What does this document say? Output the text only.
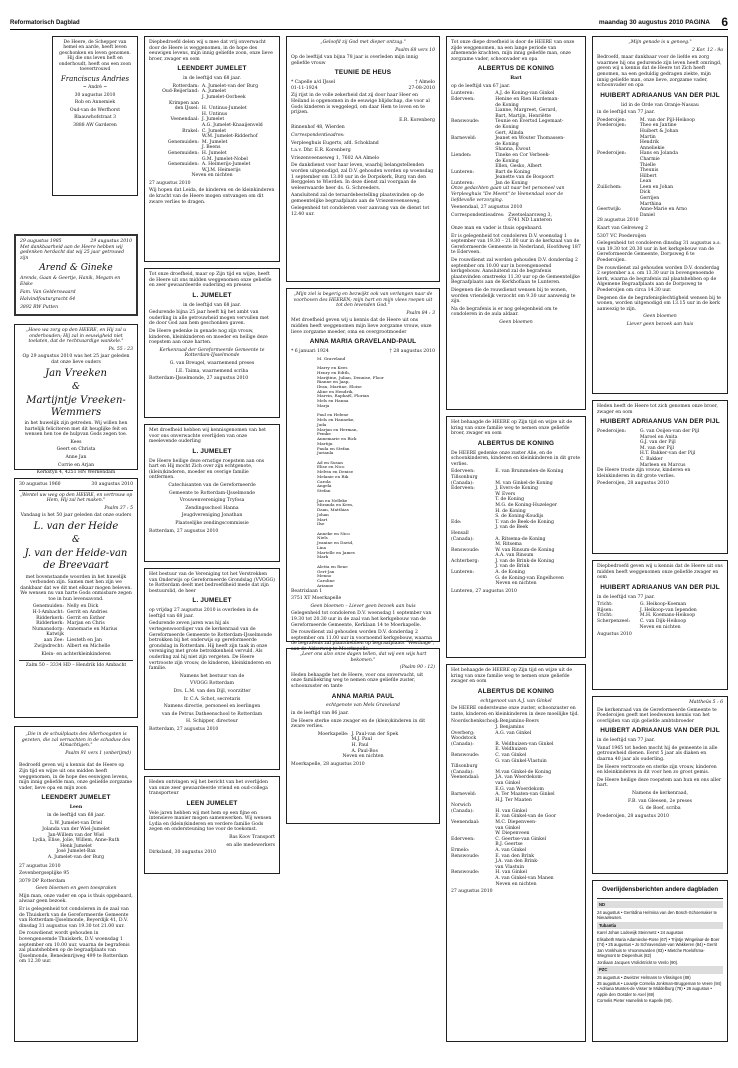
Reformatorisch Dagblad	maandag 30 augustus 2010 PAGINA 6

De Heere, de Schepper van hemel en aarde, heeft leven geschonken en leven genomen. Hij die ons leven heft en onderhoudt, heeft ons een zoon toevertrouwd

Franciscus Andries

~ Andrè ~

30 augustus 2010

Rob en Annemiek

Oud-van de Werfhorst

Blaauwhofstraat 3

3888 AW Garderen

29 augustus 1985	29 augustus 2010

Met dankbaarheid aan de Heere hebben wij gedenken herdacht dat wij 25 jaar getrouwd zijn

Arend & Gineke

Arends, Gaan & Geertje, Hanik, Megam en Elske

Fam. Van Gelderswaard

Halvindfouturgracht 64

3892 RW Putten

„Hoeo wa zorg op den HEERE, en Hij zal u onderhouden; Hij zal in eeuwigheid niet toelaten, dat de rechtvaardige wankele."

Ps. 55 : 23

Op 29 augustus 2010 was het 25 jaar geleden dat onze lieve ouders

Jan Vreeken

&

Martijntje Vreeken-Wemmers

in het huwelijk zijn getreden. Wij willen hen hartelijk feliciteren met dit heuglijke feit en wensen hen toe de hulpvan Gods zegen toe.

Kees

Geert en Christa

Anne Jan

Corrie en Arjan

Kerkstyn 4, 4251 HN Werkendam

30 augustus 1960	30 augustus 2010

„Wentel uw weg op den HEERE, en vertrouw op Hem, Hij zal het maken."

Psalm 37 : 5

Vandaag is het 50 jaar geleden dat onze ouders

L. van der Heide

&

J. van der Heide-van de Breevaart

met bovenstaande woorden in het huwelijk verbonden zijn. Samen met hen zijn we dankbaar dat we dit met elkaar mogen beleven. We wensen nu van harte Gods onmisbare zegen toe in hun levensavond.

Genemuiden: Nelly en Dick
H-I-Ambacht: Gerrit en Andries
Ridderkerk: Gerrit en Esther
Ridderkerk: Marjan en Chris
Numansdorp: Annemarie en Marius
Katwijk
aan Zee: Liesteth en Jan
Zwijndrecht: Albert en Michelle

Klein- en achterkleinkinderen

Zalm 50 – 3334 HD – Hendrik Ido Ambacht

„Die in de schuilplaats des Allerhoogsten is gezeten, die zal vernachten in de schaduw des Almachtigen."

Psalm 91 vers 1 (onberijmd)

Bedroefd geven wij u kennis dat de Heere op Zijn tijd en wijze uit ons midden heeft weggenomen, in de hope des eeuwigen levens, mijn innig geliefde man, onze geliefde zorgzame vader, lieve opa en mijn zoon

LEENDERT JUMELET

Leen

in de leeftijd van 68 jaar.

L.W. Jumelet-van Driel

Jolanda van der Wiel-Jumelet

Jan-Willem van der Wiel

Lydia, Elise, Jolie, Willem, Anne-Ruth

Henk Jumelet

José Jumelet-Bax

A. Jumelet-van der Burg

27 augustus 2010

Zevenbergseplijke 95

3079 DP Rotterdam

Geen bloemen en geen toespraken

Mijn man, onze vader en opa is thuis opgebaard, alwaar geen bezoek.

Er is gelegenheid tot condoleren in de zaal van de Thuiskerk van de Gereformeerde Gemeente van Rotterdam-IJsselmonde, Beyerdijk 41, D.V. dinsdag 31 augustus van 19.30 tot 21.00 uur.

De rouwdienst wordt gehouden in bovengenoemde Thuiskerk, D.V. woensdag 1 september om 10.00 uur, waarna de begrafenis zal plaatshebben op de begraafplaats van IJsselmonde, Benedenrijweg 499 te Rotterdam om 12.30 uur.

Diepbedroefd delen wij u mee dat vrij onverwacht door de Heere is weggenomen, in de hope des eeuwigen levens, mijn innig geliefde zoon, onze lieve broer, zwager en oom

LEENDERT JUMELET

in de leeftijd van 68 jaar.

Rotterdam: A. Jumelet-van der Burg
Oud-Beijerland: A. Jumelet
J. Jumelet-Oorbeek
Krimpen aan
den IJssel: H. Untinus-Jumelet
H. Untinus
Veenendaal: J. Jumelet
A.G. Jumelet-Knaaijenveld
Brakel: C. Jumelet
W.M. Jumelet-Ridderhof
Genemuiden: M. Jumelet
J. Beens
Genemuiden: H. Jumelet
G.M. Jumelet-Nobel
Genemuiden: A. Heimerijs-Jumelet
W.J.M. Heimerijs

Neven en nichten

27 augustus 2010

Wij hopen dat Leida, de kinderen en de kleinkinderen de kracht van de Heere mogen ontvangen om dit zware verlies te dragen.

Tot onze droefheid, maar op Zijn tijd en wijze, heeft de Heere uit ons midden weggenomen onze geliefde en zeer gewaardeerde ouderling en presess

L. JUMELET

in de leeftijd van 68 jaar.

Gedurende bijna 25 jaar heeft hij het ambt van ouderling in alle getrouwheid mogen vervullen met de door God aan hem geschonken gaven.

De Heere gedenke in genade nog zijn vrouw, kinderen, kleinkinderen en moeder en heilige deze roepstem aan onze harten.

Kerkenraad der Gereformeerde Gemeente te Rotterdam-IJsselmonde

G. van Breugel, waarnemend preses

I.E. Taima, waarnemend scriba

Rotterdam-IJsselmonde, 27 augustus 2010

Met droefheid hebben wij kennisgenomen van het voor ons onverwachte overlijden van onze meelevende ouderling

L. JUMELET

De Heere heilige deze ernstige roepstem aan ons hart en Hij mocht Zich over zijn echtgenote, (klein)kinderen, moeder en overige familie ontfermen.

Catechisanten van de Gereformeerde

Gemeente te Rotterdam-IJsselmonde

Vrouwenvereniging Tryfosa

Zendingsschool Hanna

Jeugdvereniging Jonathan

Plaatselijke zendingscommissie

Rotterdam, 27 augustus 2010

Het bestuur van de Vereniging tot het Verstrekken van Onderwijs op Gereformeerde Grondslag (VVOGG) te Rotterdam deelt met bedroefdheid mede dat zijn bestuurslid, de heer

L. JUMELET

op vrijdag 27 augustus 2010 is overleden in de leeftijd van 68 jaar.

Gedurende zeven jaren was hij als vertegenwoordiger van de kerkenraad van de Gereformeerde Gemeente te Rotterdam-IJsselmonde betrokken bij het onderwijs op gereformeerde grondslag in Rotterdam. Hij heeft zijn taak in onze vereniging met grote betrokkenheid vervuld. Als ouderling zal hij niet zijn vergeten. De Heere vertrooste zijn vrouw, de kinderen, kleinkinderen en familie.

Namens het bestuur van de

VVOGG Rotterdam

Drs. L.M. van den Dijl, voorzitter

Ir. C.A. Schot, secretaris

Namens directie, personeel en leerlingen

van de Petrus Datheenschool te Rotterdam

H. Schipper, directeur

Rotterdam, 27 augustus 2010

Heden ontvingen wij het bericht van het overlijden van onze zeer gewaardeerde vriend en oud-collega transporteur

LEEN JUMELET

Vele jaren hebben wij met hem op een fijne en intensieve manier mogen samenwerken. Wij wensen Lydia en (klein)kinderen en verdere familie Gods zegen en ondersteuning toe voor de toekomst.

Bas Koov Transport

en alle medewerkers

Dirksland, 30 augustus 2010

„Geloofd zij God met dieper ontzag."

Psalm 68 vers 10

Op de leeftijd van bijna 78 jaar is overleden mijn innig geliefde vrouw

TEUNIE DE HEUS

* Capelle a/d IJssel	† Almelo
01-11-1924	27-08-2010

Zij rijst in de volle zekerheid dat zij door haar Heer en Heiland is opgenomen in de eeuwige blijdschap, die voor al Gods kinderen is weggelegd, om daar Hem te loven en te prijzen.

E.R. Korenberg

Binnenhof 48, Wierden

Correspondentieadres:

Verpleeghuis Eugerts, afd. Schokland

t.a.v. Dhr. E.R. Korenberg

Vriezenveenseweg 1, 7602 AA Almelo

De dankdienst voor haar leven, waarbij belangstellenden worden uitgenodigd, zal D.V. gehouden worden op woensdag 1 september om 13.00 uur in de Dorpskerk, Burg van den Berggelen te Wierden. In deze dienst zal voorgaan de weleerwaarde heer ds. G. Schreeders.

Aansluitend zal de teraardebestelling plaatsvinden op de gemeentelijke begraafplaats aan de Vriezenveenseweg.

Gelegenheid tot condoleren voor aanvang van de dienst tot 12.40 uur.

„Mijn ziel is begerig en bezwijkt ook van verlangen naar de voorhoven des HEEREN; mijn hart en mijn vlees roepen uit tot den levenden God."

Psalm 84 : 3

Met droefheid geven wij u kennis dat de Heere uit ons midden heeft weggenomen mijn lieve zorgzame vrouw, onze lieve zorgzame moeder, oma en overgrootmoeder

ANNA MARIA GRAVELAND-PAUL

* 6 januari 1924	† 28 augustus 2010

M. Graveland

Marry en Kees

Henry en Edith,

Marijtine, Julian, Dennise, Floor

Rianne en Jaap,

Ilvan, Martine, Eloise

Aline en Hendrik,

Marvin, Raphaël, Florian

Mels en Hanna

Marja

Paul en Helene

Mels en Hanneke,

Juda

Marjan en Herman,

Femke

Annemarie en Rick

Martijn

Paula en Stefan

Jurianla

Ad en Susan

Elise en Nico

Melvin en Denise

Melanie en Rik

Carola

Angela

Stefan

Jan en Nelleke

Miranda en Kees,

Daan, Matthias

Johan

Mart

Ilse

Anneke en Nico

Niels

Jeanine en David,

Lina

Martelle en James

Mark

Aletta en Rene

Gert-Jan

Menno

Caroline

Arianne

Beatrixlaan 1

3751 XT Moerkapelle

Geen bloemen – Liever geen bezoek aan huis

Gelegenheid tot condoleren D.V. woensdag 1 september van 19.30 tot 20.30 uur in de zaal van het kerkgebouw van de Gereformeerde Gemeente, Kerklaan 14 te Moerkapelle.

De rouwdienst zal gehouden worden D.V. donderdag 2 september om 11.00 uur in voornoemd kerkgebouw, waarna de begrafenis zal plaatshebben op begraafplaats "Westhage", aan de Akkerweg te Moerkapelle.

„Leer ons alzo onze dagen tellen, dat wij een wijs hart bekomen."

(Psalm 90 : 12)

Heden behaagde het de Heere, voor ons onverwacht, uit onze familiekring weg te nemen onze geliefde zuster, schoonzuster en tante

ANNA MARIA PAUL

echtgenote van Mels Graveland

in de leeftijd van 86 jaar.

De Heere sterke onze zwager en de (klein)kinderen in dit zware verlies.

Moerkapelle: J. Paul-van der Spek
M.J. Paul
H. Paul
A. Paul-Bos

Neven en nichten

Moerkapelle, 28 augustus 2010

Tot onze diepe droefheid is door de HEERE van onze zijde weggenomen, na een lange periode van afnemende krachten, mijn innig geliefde man, onze zorgzame vader, schoonvader en opa

ALBERTUS DE KONING

Bart

op de leeftijd van 67 jaar.

Lunteren:	A.J. de Koning-van Ginkel
Ederveen:	Henine en Rien Hardeman-
de Koning
Lianne, Margreet, Gerard,
Bart, Martijn, Henriëtte
Renswoude:	Teunie en Evertsd Legemaat-
de Koning
Gert, Alinda
Barneveld:	Jeanet en Wouter Thomassen-
de Koning
Shanna, Ewout
Lienden:	Tineke en Cor Verbeek-
de Koning
Ellen, Gesko, Albert
Lunteren:	Bart de Koning
Jeanette van de Bospoort
Lunteren:	Jan de Koning

Onze gedachten gaan uit naar het personeel van Verpleeghuis "De Meent" te Veenendaal voor de liefdevolle verzorging.

Veenendaal, 27 augustus 2010

Correspondentieadres: Zwetselaarsweg 3,

6741 ND Lunteren

Onze man en vader is thuis opgebaard.

Er is gelegenheid tot condoleren D.V. woensdag 1 september van 19.30 – 21.00 uur in de kerkzaal van de Gereformeerde Gemeente in Nederland, Hoofdweg 187 te Ederveen.

De rouwdienst zal worden gehouden D.V. donderdag 2 september om 10.00 uur in bovengenoemd kerkgebouw. Aansluitend zal de begrafenis plaatsvinden omstreeks 11.30 uur op de Gemeentelijke Begraafplaats aan de Kerkhoflaan te Lunteren.

Diegenen die de rouwdienst wensen bij te wonen, worden vriendelijk verzocht om 9.30 uur aanwezig te zijn.

Na de begrafenis is er nog gelegenheid om te condoleren in de aula aldaar.

Geen bloemen

Het behaagde de HEERE op Zijn tijd en wijze uit de kring van onze familie weg te nemen onze geliefde broer, zwager en oom

ALBERTUS DE KONING

De HEERE gedenke onze zuster Alie, en de schoonkinderen, kinderen en kleinkinderen in dit grote verlies.

Ederveen:	E. van Brummelen-de Koning
Tillsonburg
(Canada):	M. van Ginkel-de Koning
Ederveen:	J. Evers-de Koning
W. Evers
T. de Koning
M.G. de Koning-Huzeleger
H. de Koning
S. de Koning-Koudijs
Ede:	T. van de Beek-de Koning
J. van de Beek
Hensall
(Canada):	A. Ritsema-de Koning
M. Ritsema
Renswoude:	W. van Rinsum-de Koning
A.A. van Rinsum
Achterberg:	J. van de Brink-de Koning
J. van de Brink
Lunteren:	A. de Koning
G. de Koning-van Engelhoven

Neven en nichten

Lunteren, 27 augustus 2010

Het behaagde de HEERE op Zijn tijd en wijze uit de kring van onze familie weg te nemen onze geliefde zwager en oom

ALBERTUS DE KONING

echtgenoot van A.J. van Ginkel

De HEERE ondersteune onze zuster, schoonzuster en tante, kinderen en kleinkinderen in deze moeilijke tijd.

Noordschenkschoot:
J. Benjamins-Boers
J. Benjamins
Overberg:	A.G. van Ginkel
Woodstock
(Canada):	R. Veldhuizen-van Ginkel
E. Veldhuizen
Renswoude:	C. van Ginkel
G. van Ginkel-Vlastuin
Tillsonburg
(Canada):	M.van Ginkel-de Koning
Veenendaal:	J.A. van Woerdekom-
van Ginkel
E.G. van Woerdekom
Barneveld:	A. Ter Maaten-van Ginkel
H.J. Ter Maaten
Norwich
(Canada):	H. van Ginkel
E. van Ginkel-van de Goor
Veenendaal:	M.C. Diepenveen-
van Ginkel
W. Diepenveen
Ederveen:	C. Geertse-van Ginkel
B.J. Geertse
Ermelo:	A. van Ginkel
Renswoude:	E. van den Brink
J.A. van den Brink-
van Vlastuin
Renswoude:	H. van Ginkel
A. van Ginkel-van Manen

Neven en nichten

27 augustus 2010

„Mijn genade is u genoeg."

2 Kor. 12 : 9a

Bedroefd, maar dankbaar voor de liefde en zorg waarmee hij ons gedurende zijn leven heeft omringd, geven wij u kennis dat de Heere tot Zich heeft genomen, na een geduldig gedragen ziekte, mijn innig geliefde man, onze lieve, zorgzame vader, schoonvader en opa

HUIBERT ADRIAANUS VAN DER PIJL

lid in de Orde van Oranje-Nassau

in de leeftijd van 77 jaar.

Poederoijen:	M. van der Pijl-Heikoop
Poederoijen:	Theo en Jantine
Huibert & Johan
Martin
Hendrik
Anneliekie
Poederoijen:	Hans en Jolanda
Charmie
Thielle
Theunis
Hilbert
Lean
Zuilichem:	Leen en Johan
Dick
Gerrijen
Marthina
Geertwijk:	Anne-Marie en Arno
Daniel

28 augustus 2010

Kaart van Gelreweg 2

5307 VC Poederoijen

Gelegenheid tot condoleren dinsdag 31 augustus a.s. van 19.30 tot 20.30 uur in het kerkgebouw van de Gereformeerde Gemeente, Dorpsweg 6 te Poederoijen.

De rouwdienst zal gehouden worden D.V. donderdag 2 september a.s. om 13.30 uur in bovengenoemde kerk, waarna de begrafenis zal plaatshebben op de Algemene Begraafplaats aan de Dorpsweg te Poederoijen om circa 14.30 uur.

Degenen die de begrafenisplechtigheid wensen bij te wonen, worden uitgenodigd om 13.15 uur in de kerk aanwezig te zijn.

Geen bloemen

Liever geen bezoek aan huis

Heden heeft de Heere tot zich genomen onze broer, zwager en oom

HUIBERT ADRIAANUS VAN DER PIJL

Poederoijen:	G. van Ooijen-van der Pijl
Maroel en Anita
G.J. van der Pijl
M. van der Pijl
H.T. Bakker-van der Pijl
C. Bakker
Marleen en Marcus

De Heere troste zijn vrouw, kinderen en kleinkinderen in dit grote verlies.

Poederoijen, 28 augustus 2010

Diepbedroefd geven wij u kennis dat de Heere uit ons midden heeft weggenomen onze geliefde zwager en oom

HUIBERT ADRIAANUS VAN DER PIJL

in de leeftijd van 77 jaar.

Tricht:	G. Heikoop-Koeman
Rijsen:	J. Heikoop-van Iependen
Tricht:	M.H. Koemans-Heikoop
Scherpenzeel:	C. van Dijk-Heikoop

Neven en nichten

Augustus 2010

Mattheüs 5 : 6

De kerkenraad van de Gereformeerde Gemeente te Poederoijen geeft met leedwezen kennis van het overlijden van zijn geliefde ambtsbroeder

HUIBERT ADRIAANUS VAN DER PIJL

in de leeftijd van 77 jaar.

Vanaf 1965 tot heden mocht hij de gemeente in alle getrouwheid dienen. Eerst 5 jaar als diaken en daarna 40 jaar als ouderling.

De Heere vertrooste en sterke zijn vrouw, kinderen en kleinkinderen in dit voor hen zo groot gemis.

De Heere heilige deze roepstem aan hun en ons aller hart.

Namens de kerkenraad,

F.B. van Gleesen, 2e preses

G. de Boef, scriba

Poederoijen, 28 augustus 2010

Overlijdensberichten andere dagbladen

ND

24 augustus • Gerritdina Helmina van den Bosch-Schoemaker te Nieuwleusen.

Tubantia

Karel Johan Lodewijk Steinmetz • 24 augustus

Elisabeth Maria Adamiecke-Rose (67) • Trijntje Wingelaar-de Boer (74) • 25 augustus • Jo Schravendam-van Wakkeren (84) • Gerrit Jan Vonkhuis te Vroomrwarden (83) • Mietche Roelofsma-Wiegmont te Diepenhuis (82)

Jordiaan Jacques Vrolicktrickt te Venlo (90).

PZC

25 augustus • Zweitzer Helmans te Vlissingen (89)

25 augustus • Louwtje Cornelia Jonkman-Bruggeman te Veere (94) • Adriana Muntes-de Visser te Middelburg (78) • 26 augustus • Apple den Oostder te Axel (69)

Cornelis Pieter Hamelink te Kapelle (90).
